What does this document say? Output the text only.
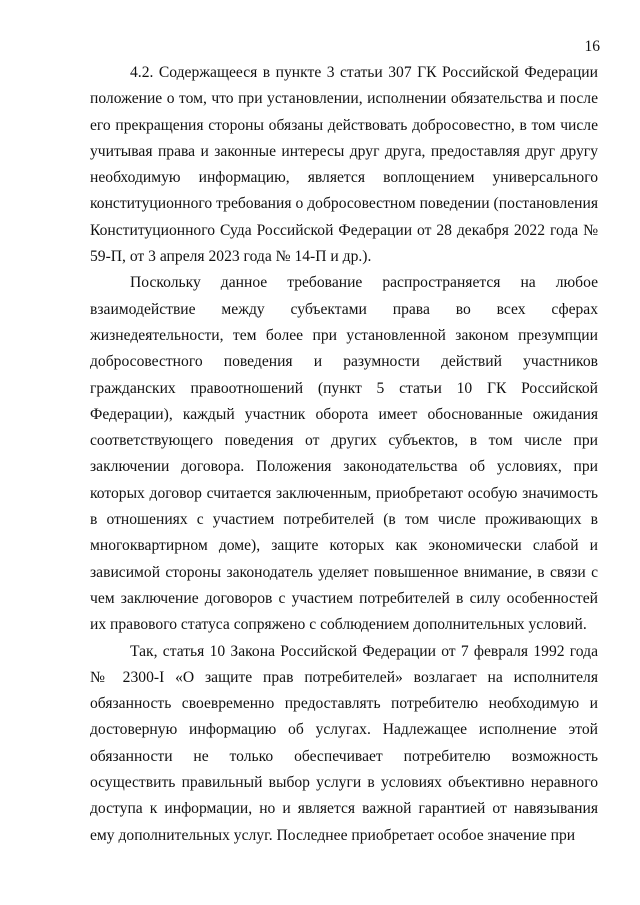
16

4.2. Содержащееся в пункте 3 статьи 307 ГК Российской Федерации положение о том, что при установлении, исполнении обязательства и после его прекращения стороны обязаны действовать добросовестно, в том числе учитывая права и законные интересы друг друга, предоставляя друг другу необходимую информацию, является воплощением универсального конституционного требования о добросовестном поведении (постановления Конституционного Суда Российской Федерации от 28 декабря 2022 года № 59-П, от 3 апреля 2023 года № 14-П и др.).

Поскольку данное требование распространяется на любое взаимодействие между субъектами права во всех сферах жизнедеятельности, тем более при установленной законом презумпции добросовестного поведения и разумности действий участников гражданских правоотношений (пункт 5 статьи 10 ГК Российской Федерации), каждый участник оборота имеет обоснованные ожидания соответствующего поведения от других субъектов, в том числе при заключении договора. Положения законодательства об условиях, при которых договор считается заключенным, приобретают особую значимость в отношениях с участием потребителей (в том числе проживающих в многоквартирном доме), защите которых как экономически слабой и зависимой стороны законодатель уделяет повышенное внимание, в связи с чем заключение договоров с участием потребителей в силу особенностей их правового статуса сопряжено с соблюдением дополнительных условий.

Так, статья 10 Закона Российской Федерации от 7 февраля 1992 года № 2300-I «О защите прав потребителей» возлагает на исполнителя обязанность своевременно предоставлять потребителю необходимую и достоверную информацию об услугах. Надлежащее исполнение этой обязанности не только обеспечивает потребителю возможность осуществить правильный выбор услуги в условиях объективно неравного доступа к информации, но и является важной гарантией от навязывания ему дополнительных услуг. Последнее приобретает особое значение при
